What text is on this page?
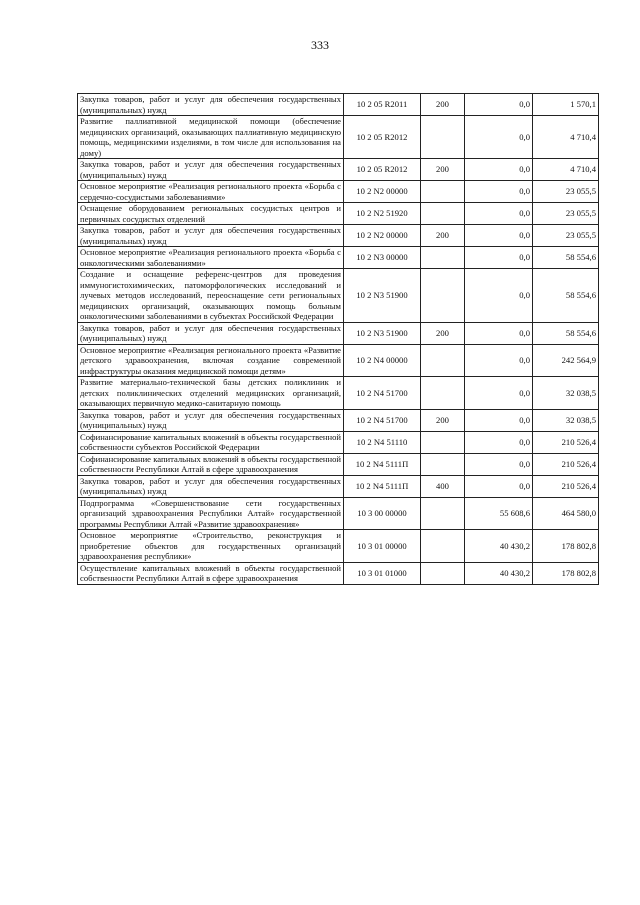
333
Закупка товаров, работ и услуг для обеспечения государственных (муниципальных) нужд	10 2 05 R2011	200	0,0	1 570,1
Развитие паллиативной медицинской помощи (обеспечение медицинских организаций, оказывающих паллиативную медицинскую помощь, медицинскими изделиями, в том числе для использования на дому)	10 2 05 R2012		0,0	4 710,4
Закупка товаров, работ и услуг для обеспечения государственных (муниципальных) нужд	10 2 05 R2012	200	0,0	4 710,4
Основное мероприятие «Реализация регионального проекта «Борьба с сердечно-сосудистыми заболеваниями»	10 2 N2 00000		0,0	23 055,5
Оснащение оборудованием региональных сосудистых центров и первичных сосудистых отделений	10 2 N2 51920		0,0	23 055,5
Закупка товаров, работ и услуг для обеспечения государственных (муниципальных) нужд	10 2 N2 00000	200	0,0	23 055,5
Основное мероприятие «Реализация регионального проекта «Борьба с онкологическими заболеваниями»	10 2 N3 00000		0,0	58 554,6
Создание и оснащение референс-центров для проведения иммуногистохимических, патоморфологических исследований и лучевых методов исследований, переоснащение сети региональных медицинских организаций, оказывающих помощь больным онкологическими заболеваниями в субъектах Российской Федерации	10 2 N3 51900		0,0	58 554,6
Закупка товаров, работ и услуг для обеспечения государственных (муниципальных) нужд	10 2 N3 51900	200	0,0	58 554,6
Основное мероприятие «Реализация регионального проекта «Развитие детского здравоохранения, включая создание современной инфраструктуры оказания медицинской помощи детям»	10 2 N4 00000		0,0	242 564,9
Развитие материально-технической базы детских поликлиник и детских поликлинических отделений медицинских организаций, оказывающих первичную медико-санитарную помощь	10 2 N4 51700		0,0	32 038,5
Закупка товаров, работ и услуг для обеспечения государственных (муниципальных) нужд	10 2 N4 51700	200	0,0	32 038,5
Софинансирование капитальных вложений в объекты государственной собственности субъектов Российской Федерации	10 2 N4 51110		0,0	210 526,4
Софинансирование капитальных вложений в объекты государственной собственности Республики Алтай в сфере здравоохранения	10 2 N4 5111П		0,0	210 526,4
Закупка товаров, работ и услуг для обеспечения государственных (муниципальных) нужд	10 2 N4 5111П	400	0,0	210 526,4
Подпрограмма «Совершенствование сети государственных организаций здравоохранения Республики Алтай» государственной программы Республики Алтай «Развитие здравоохранения»	10 3 00 00000		55 608,6	464 580,0
Основное мероприятие «Строительство, реконструкция и приобретение объектов для государственных организаций здравоохранения республики»	10 3 01 00000		40 430,2	178 802,8
Осуществление капитальных вложений в объекты государственной собственности Республики Алтай в сфере здравоохранения	10 3 01 01000		40 430,2	178 802,8
